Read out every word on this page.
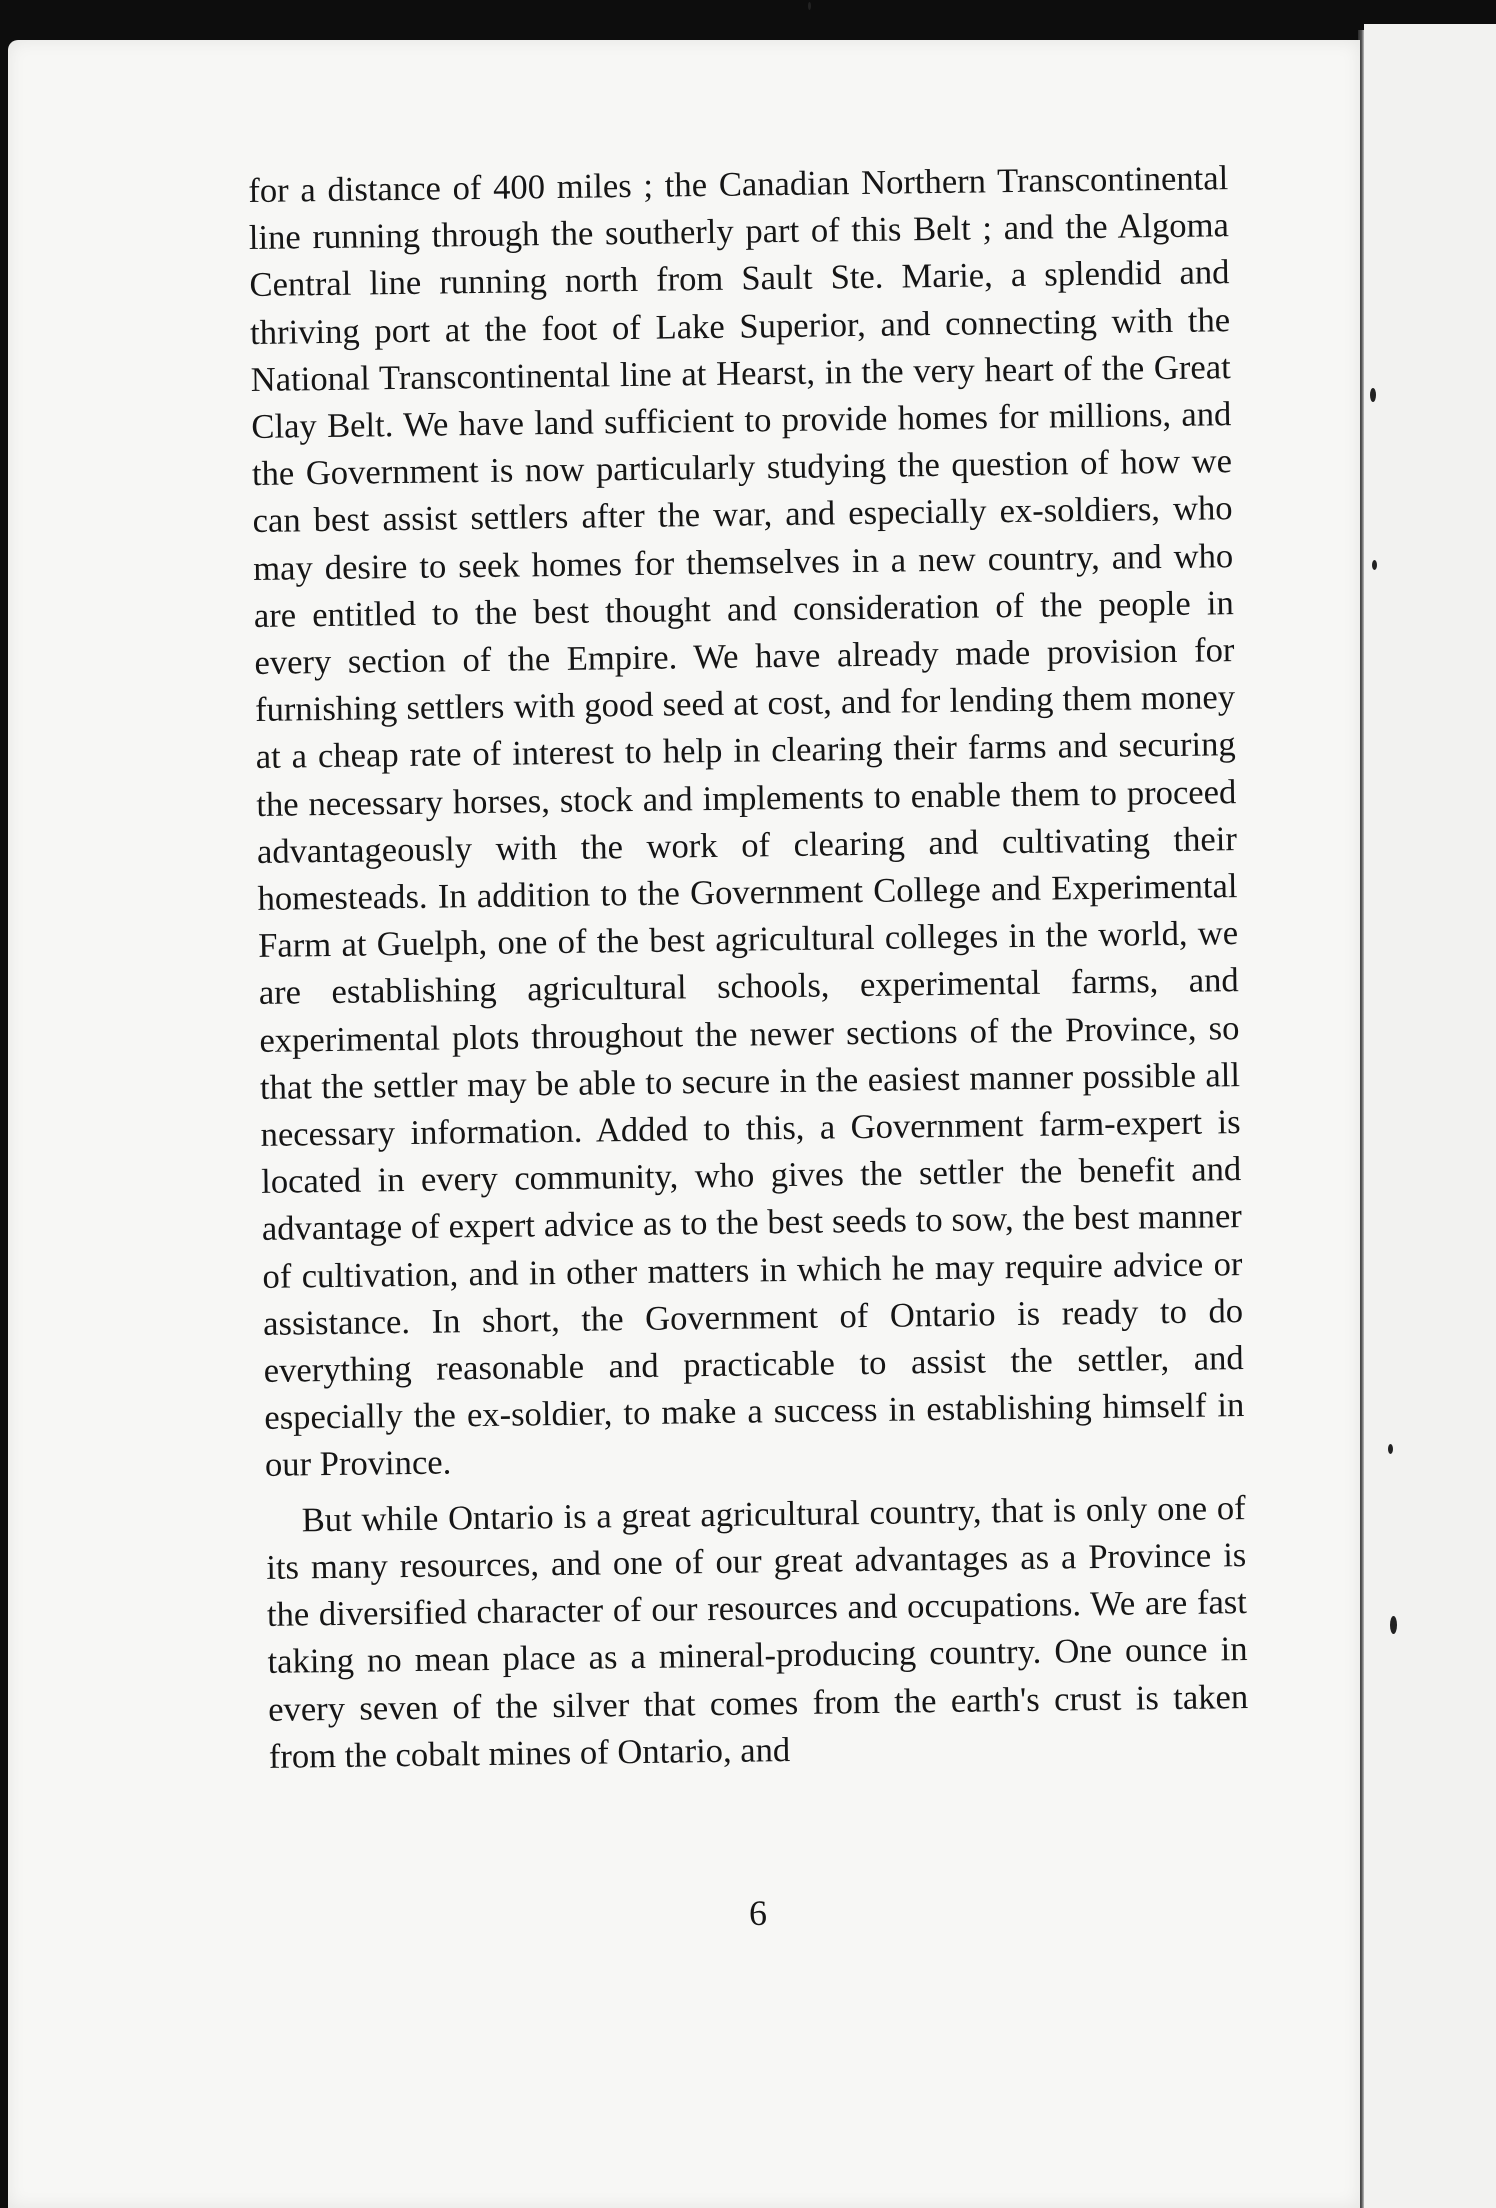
for a distance of 400 miles ; the Canadian Northern Transcontinental line running through the southerly part of this Belt ; and the Algoma Central line running north from Sault Ste. Marie, a splendid and thriving port at the foot of Lake Superior, and connecting with the National Transcontinental line at Hearst, in the very heart of the Great Clay Belt. We have land sufficient to provide homes for millions, and the Government is now particularly studying the question of how we can best assist settlers after the war, and especially ex-soldiers, who may desire to seek homes for themselves in a new country, and who are entitled to the best thought and consideration of the people in every section of the Empire. We have already made provision for furnishing settlers with good seed at cost, and for lending them money at a cheap rate of interest to help in clearing their farms and securing the necessary horses, stock and implements to enable them to proceed advantageously with the work of clearing and cultivating their homesteads. In addition to the Government College and Experimental Farm at Guelph, one of the best agricultural colleges in the world, we are establishing agricultural schools, experimental farms, and experimental plots throughout the newer sections of the Province, so that the settler may be able to secure in the easiest manner possible all necessary information. Added to this, a Government farm-expert is located in every community, who gives the settler the benefit and advantage of expert advice as to the best seeds to sow, the best manner of cultivation, and in other matters in which he may require advice or assistance. In short, the Government of Ontario is ready to do everything reasonable and practicable to assist the settler, and especially the ex-soldier, to make a success in establishing himself in our Province.

But while Ontario is a great agricultural country, that is only one of its many resources, and one of our great advantages as a Province is the diversified character of our resources and occupations. We are fast taking no mean place as a mineral-producing country. One ounce in every seven of the silver that comes from the earth's crust is taken from the cobalt mines of Ontario, and

6
